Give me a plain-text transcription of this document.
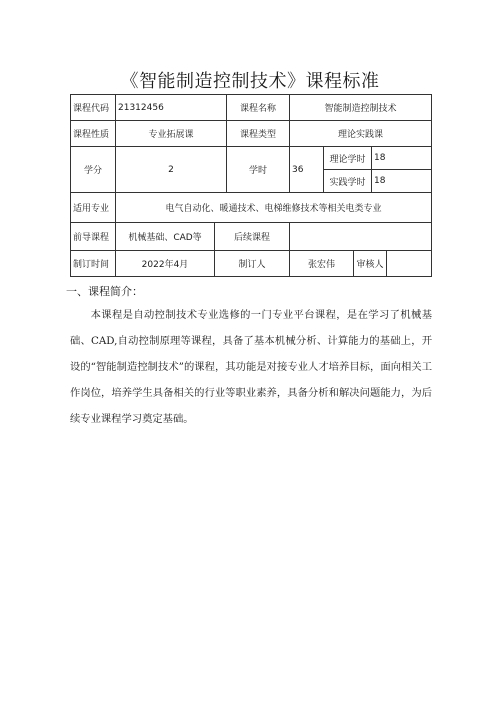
《智能制造控制技术》课程标准
课程代码	21312456		课程名称	智能制造控制技术				
课程性质	专业拓展课		课程类型	理论实践课				
学分	2		学时	36	理论学时		18	
					实践学时		18	
适用专业	电气自动化、暖通技术、电梯维修技术等相关电类专业							
前导课程	机械基础、CAD等	后续课程						
制订时间	2022年4月	制订人		张宏伟		审核人		
一、课程简介：

本课程是自动控制技术专业选修的一门专业平台课程，是在学习了机械基础、CAD,自动控制原理等课程，具备了基本机械分析、计算能力的基础上，开设的“智能制造控制技术”的课程，其功能是对接专业人才培养目标，面向相关工作岗位，培养学生具备相关的行业等职业素养，具备分析和解决问题能力，为后续专业课程学习奠定基础。
